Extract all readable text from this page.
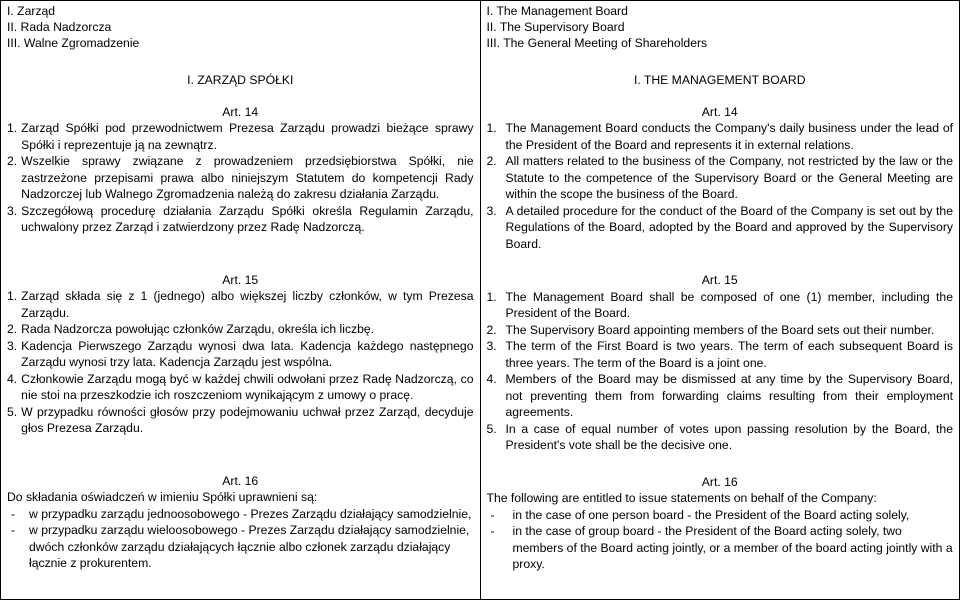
I. Zarząd
II. Rada Nadzorcza
III. Walne Zgromadzenie
I. ZARZĄD SPÓŁKI
Art. 14
1. Zarząd Spółki pod przewodnictwem Prezesa Zarządu prowadzi bieżące sprawy Spółki i reprezentuje ją na zewnątrz.
2. Wszelkie sprawy związane z prowadzeniem przedsiębiorstwa Spółki, nie zastrzeżone przepisami prawa albo niniejszym Statutem do kompetencji Rady Nadzorczej lub Walnego Zgromadzenia należą do zakresu działania Zarządu.
3. Szczegółową procedurę działania Zarządu Spółki określa Regulamin Zarządu, uchwalony przez Zarząd i zatwierdzony przez Radę Nadzorczą.
Art. 15
1. Zarząd składa się z 1 (jednego) albo większej liczby członków, w tym Prezesa Zarządu.
2. Rada Nadzorcza powołując członków Zarządu, określa ich liczbę.
3. Kadencja Pierwszego Zarządu wynosi dwa lata. Kadencja każdego następnego Zarządu wynosi trzy lata. Kadencja Zarządu jest wspólna.
4. Członkowie Zarządu mogą być w każdej chwili odwołani przez Radę Nadzorczą, co nie stoi na przeszkodzie ich roszczeniom wynikającym z umowy o pracę.
5. W przypadku równości głosów przy podejmowaniu uchwał przez Zarząd, decyduje głos Prezesa Zarządu.
Art. 16
Do składania oświadczeń w imieniu Spółki uprawnieni są:
-	w przypadku zarządu jednoosobowego - Prezes Zarządu działający samodzielnie,
-	w przypadku zarządu wieloosobowego - Prezes Zarządu działający samodzielnie, dwóch członków zarządu działających łącznie albo członek zarządu działający łącznie z prokurentem.

I. The Management Board
II. The Supervisory Board
III. The General Meeting of Shareholders
I. THE MANAGEMENT BOARD
Art. 14
1. The Management Board conducts the Company's daily business under the lead of the President of the Board and represents it in external relations.
2. All matters related to the business of the Company, not restricted by the law or the Statute to the competence of the Supervisory Board or the General Meeting are within the scope the business of the Board.
3. A detailed procedure for the conduct of the Board of the Company is set out by the Regulations of the Board, adopted by the Board and approved by the Supervisory Board.
Art. 15
1. The Management Board shall be composed of one (1) member, including the President of the Board.
2. The Supervisory Board appointing members of the Board sets out their number.
3. The term of the First Board is two years. The term of each subsequent Board is three years. The term of the Board is a joint one.
4. Members of the Board may be dismissed at any time by the Supervisory Board, not preventing them from forwarding claims resulting from their employment agreements.
5. In a case of equal number of votes upon passing resolution by the Board, the President's vote shall be the decisive one.
Art. 16
The following are entitled to issue statements on behalf of the Company:
-	in the case of one person board - the President of the Board acting solely,
-	in the case of group board - the President of the Board acting solely, two members of the Board acting jointly, or a member of the board acting jointly with a proxy.
